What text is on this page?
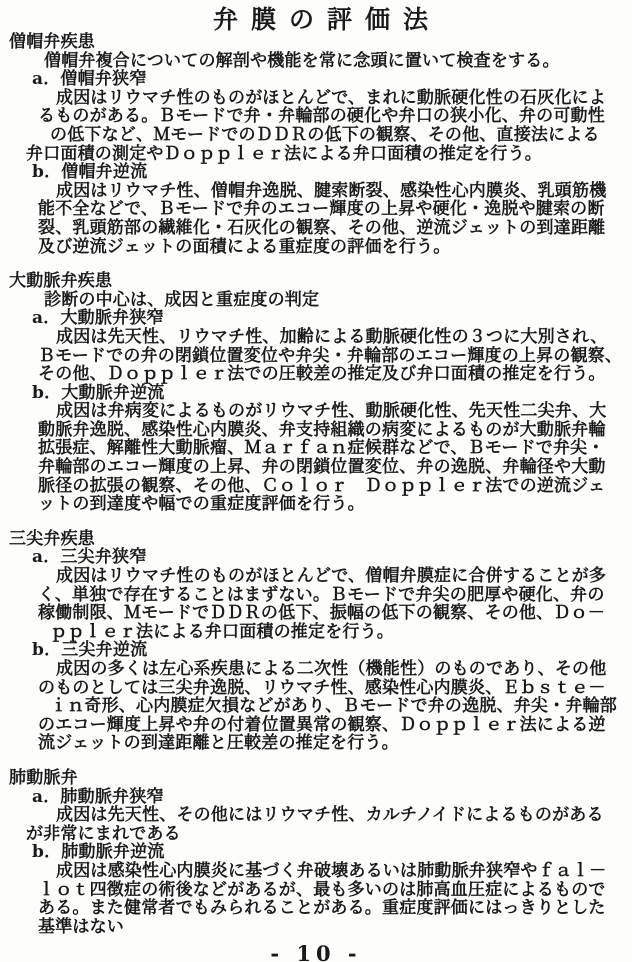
弁膜の評価法
僧帽弁疾患
僧帽弁複合についての解剖や機能を常に念頭に置いて検査をする。
a．僧帽弁狭窄
成因はリウマチ性のものがほとんどで、まれに動脈硬化性の石灰化によ
るものがある。Ｂモードで弁・弁輪部の硬化や弁口の狭小化、弁の可動性
の低下など、ＭモードでのＤＤＲの低下の観察、その他、直接法による
弁口面積の測定やＤｏｐｐｌｅｒ法による弁口面積の推定を行う。
b．僧帽弁逆流
成因はリウマチ性、僧帽弁逸脱、腱索断裂、感染性心内膜炎、乳頭筋機
能不全などで、Ｂモードで弁のエコー輝度の上昇や硬化・逸脱や腱索の断
裂、乳頭筋部の繊維化・石灰化の観察、その他、逆流ジェットの到達距離
及び逆流ジェットの面積による重症度の評価を行う。
大動脈弁疾患
診断の中心は、成因と重症度の判定
a．大動脈弁狭窄
成因は先天性、リウマチ性、加齢による動脈硬化性の３つに大別され、
Ｂモードでの弁の閉鎖位置変位や弁尖・弁輪部のエコー輝度の上昇の観察、
その他、Ｄｏｐｐｌｅｒ法での圧較差の推定及び弁口面積の推定を行う。
b．大動脈弁逆流
成因は弁病変によるものがリウマチ性、動脈硬化性、先天性二尖弁、大
動脈弁逸脱、感染性心内膜炎、弁支持組織の病変によるものが大動脈弁輪
拡張症、解離性大動脈瘤、Ｍａｒｆａｎ症候群などで、Ｂモードで弁尖・
弁輪部のエコー輝度の上昇、弁の閉鎖位置変位、弁の逸脱、弁輪径や大動
脈径の拡張の観察、その他、Ｃｏｌｏｒ　Ｄｏｐｐｌｅｒ法での逆流ジェ
ットの到達度や幅での重症度評価を行う。
三尖弁疾患
a．三尖弁狭窄
成因はリウマチ性のものがほとんどで、僧帽弁膜症に合併することが多
く、単独で存在することはまずない。Ｂモードで弁尖の肥厚や硬化、弁の
稼働制限、ＭモードでＤＤＲの低下、振幅の低下の観察、その他、Ｄｏ－
ｐｐｌｅｒ法による弁口面積の推定を行う。
b．三尖弁逆流
成因の多くは左心系疾患による二次性（機能性）のものであり、その他
のものとしては三尖弁逸脱、リウマチ性、感染性心内膜炎、Ｅｂｓｔｅ－
ｉｎ奇形、心内膜症欠損などがあり、Ｂモードで弁の逸脱、弁尖・弁輪部
のエコー輝度上昇や弁の付着位置異常の観察、Ｄｏｐｐｌｅｒ法による逆
流ジェットの到達距離と圧較差の推定を行う。
肺動脈弁
a．肺動脈弁狭窄
成因は先天性、その他にはリウマチ性、カルチノイドによるものがある
が非常にまれである
b．肺動脈弁逆流
成因は感染性心内膜炎に基づく弁破壊あるいは肺動脈弁狭窄やｆａｌ－
ｌｏｔ四徴症の術後などがあるが、最も多いのは肺高血圧症によるもので
ある。また健常者でもみられることがある。重症度評価にはっきりとした
基準はない
- 10 -
